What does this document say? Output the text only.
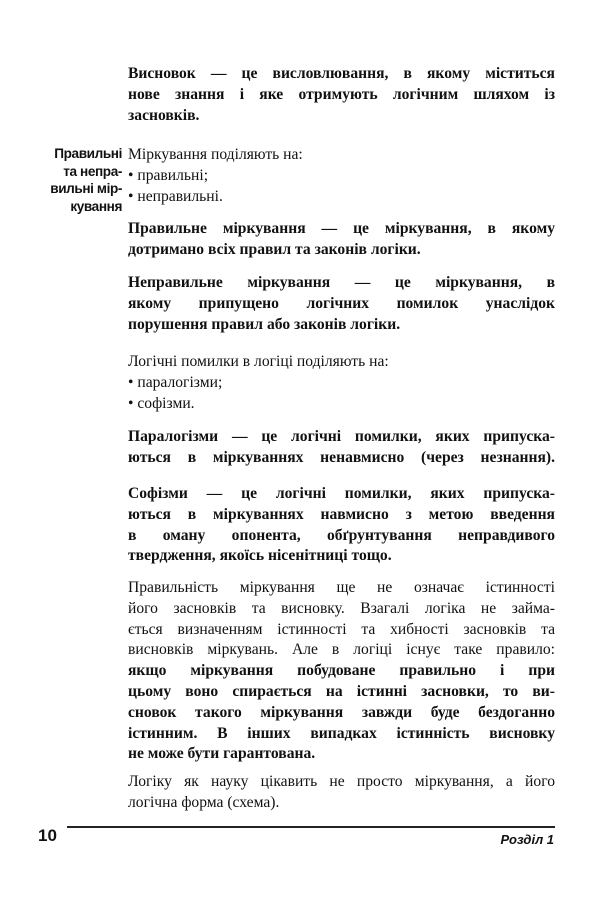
Правильні
та непра-
вильні мір-
кування
Висновок — це висловлювання, в якому міститься
нове знання і яке отримують логічним шляхом із
засновків.
Міркування поділяють на:
• правильні;
• неправильні.
Правильне міркування — це міркування, в якому
дотримано всіх правил та законів логіки.
Неправильне міркування — це міркування, в
якому припущено логічних помилок унаслідок
порушення правил або законів логіки.
Логічні помилки в логіці поділяють на:
• паралогізми;
• софізми.
Паралогізми — це логічні помилки, яких припуска-
ються в міркуваннях ненавмисно (через незнання).
Софізми — це логічні помилки, яких припуска-
ються в міркуваннях навмисно з метою введення
в оману опонента, обґрунтування неправдивого
твердження, якоїсь нісенітниці тощо.
Правильність міркування ще не означає істинності
його засновків та висновку. Взагалі логіка не займа-
ється визначенням істинності та хибності засновків та
висновків міркувань. Але в логіці існує таке правило:
якщо міркування побудоване правильно і при
цьому воно спирається на істинні засновки, то ви-
сновок такого міркування завжди буде бездоганно
істинним. В інших випадках істинність висновку
не може бути гарантована.
Логіку як науку цікавить не просто міркування, а його
логічна форма (схема).
10	Розділ 1
